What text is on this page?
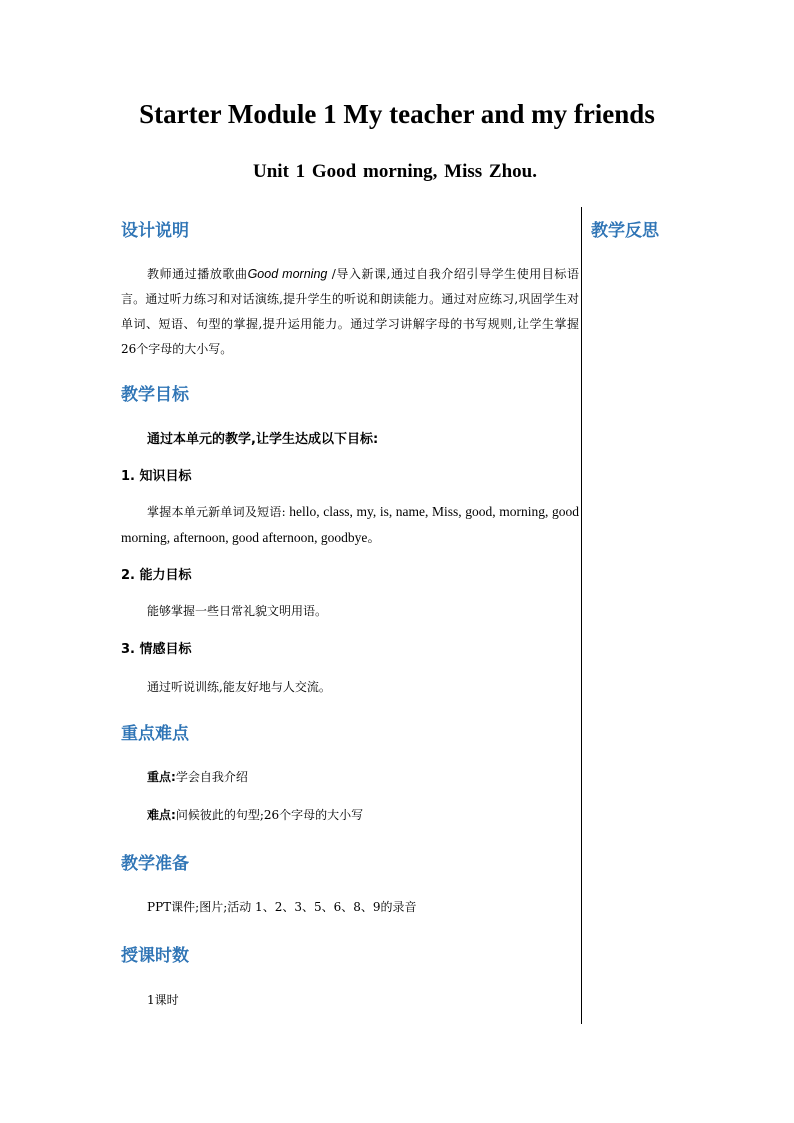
Starter Module 1 My teacher and my friends
Unit 1 Good morning, Miss Zhou.
教学反思
设计说明

教师通过播放歌曲Good morning /导入新课,通过自我介绍引导学生使用目标语言。通过听力练习和对话演练,提升学生的听说和朗读能力。通过对应练习,巩固学生对单词、短语、句型的掌握,提升运用能力。通过学习讲解字母的书写规则,让学生掌握 26个字母的大小写。

教学目标

通过本单元的教学,让学生达成以下目标:

1. 知识目标

掌握本单元新单词及短语: hello, class, my, is, name, Miss, good, morning, good morning, afternoon, good afternoon, goodbye。

2. 能力目标

能够掌握一些日常礼貌文明用语。

3. 情感目标

通过听说训练,能友好地与人交流。

重点难点

重点:学会自我介绍

难点:问候彼此的句型;26个字母的大小写

教学准备

PPT课件;图片;活动 1、2、3、5、6、8、9的录音

授课时数

1课时
